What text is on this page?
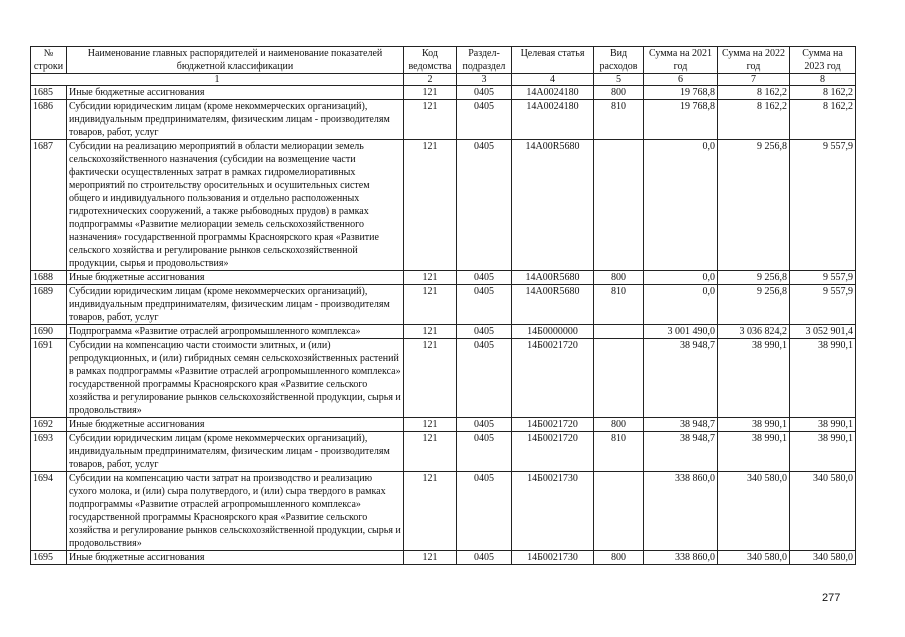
№ строки	Наименование главных распорядителей и наименование показателей бюджетной классификации	Код ведомства	Раздел-подраздел	Целевая статья	Вид расходов	Сумма на 2021 год	Сумма на 2022 год	Сумма на 2023 год
1		2	3	4	5	6	7	8
1685	Иные бюджетные ассигнования	121	0405	14А0024180	800	19 768,8	8 162,2	8 162,2
1686	Субсидии юридическим лицам (кроме некоммерческих организаций), индивидуальным предпринимателям, физическим лицам - производителям товаров, работ, услуг	121	0405	14А0024180	810	19 768,8	8 162,2	8 162,2
1687	Субсидии на реализацию мероприятий в области мелиорации земель сельскохозяйственного назначения (субсидии на возмещение части фактически осуществленных затрат в рамках гидромелиоративных мероприятий по строительству оросительных и осушительных систем общего и индивидуального пользования и отдельно расположенных гидротехнических сооружений, а также рыбоводных прудов) в рамках подпрограммы «Развитие мелиорации земель сельскохозяйственного назначения» государственной программы Красноярского края «Развитие сельского хозяйства и регулирование рынков сельскохозяйственной продукции, сырья и продовольствия»	121	0405	14А00R5680		0,0	9 256,8	9 557,9
1688	Иные бюджетные ассигнования	121	0405	14А00R5680	800	0,0	9 256,8	9 557,9
1689	Субсидии юридическим лицам (кроме некоммерческих организаций), индивидуальным предпринимателям, физическим лицам - производителям товаров, работ, услуг	121	0405	14А00R5680	810	0,0	9 256,8	9 557,9
1690	Подпрограмма «Развитие отраслей агропромышленного комплекса»	121	0405	14Б0000000		3 001 490,0	3 036 824,2	3 052 901,4
1691	Субсидии на компенсацию части стоимости элитных, и (или) репродукционных, и (или) гибридных семян сельскохозяйственных растений в рамках подпрограммы «Развитие отраслей агропромышленного комплекса» государственной программы Красноярского края «Развитие сельского хозяйства и регулирование рынков сельскохозяйственной продукции, сырья и продовольствия»	121	0405	14Б0021720		38 948,7	38 990,1	38 990,1
1692	Иные бюджетные ассигнования	121	0405	14Б0021720	800	38 948,7	38 990,1	38 990,1
1693	Субсидии юридическим лицам (кроме некоммерческих организаций), индивидуальным предпринимателям, физическим лицам - производителям товаров, работ, услуг	121	0405	14Б0021720	810	38 948,7	38 990,1	38 990,1
1694	Субсидии на компенсацию части затрат на производство и реализацию сухого молока, и (или) сыра полутвердого, и (или) сыра твердого в рамках подпрограммы «Развитие отраслей агропромышленного комплекса» государственной программы Красноярского края «Развитие сельского хозяйства и регулирование рынков сельскохозяйственной продукции, сырья и продовольствия»	121	0405	14Б0021730		338 860,0	340 580,0	340 580,0
1695	Иные бюджетные ассигнования	121	0405	14Б0021730	800	338 860,0	340 580,0	340 580,0
277
